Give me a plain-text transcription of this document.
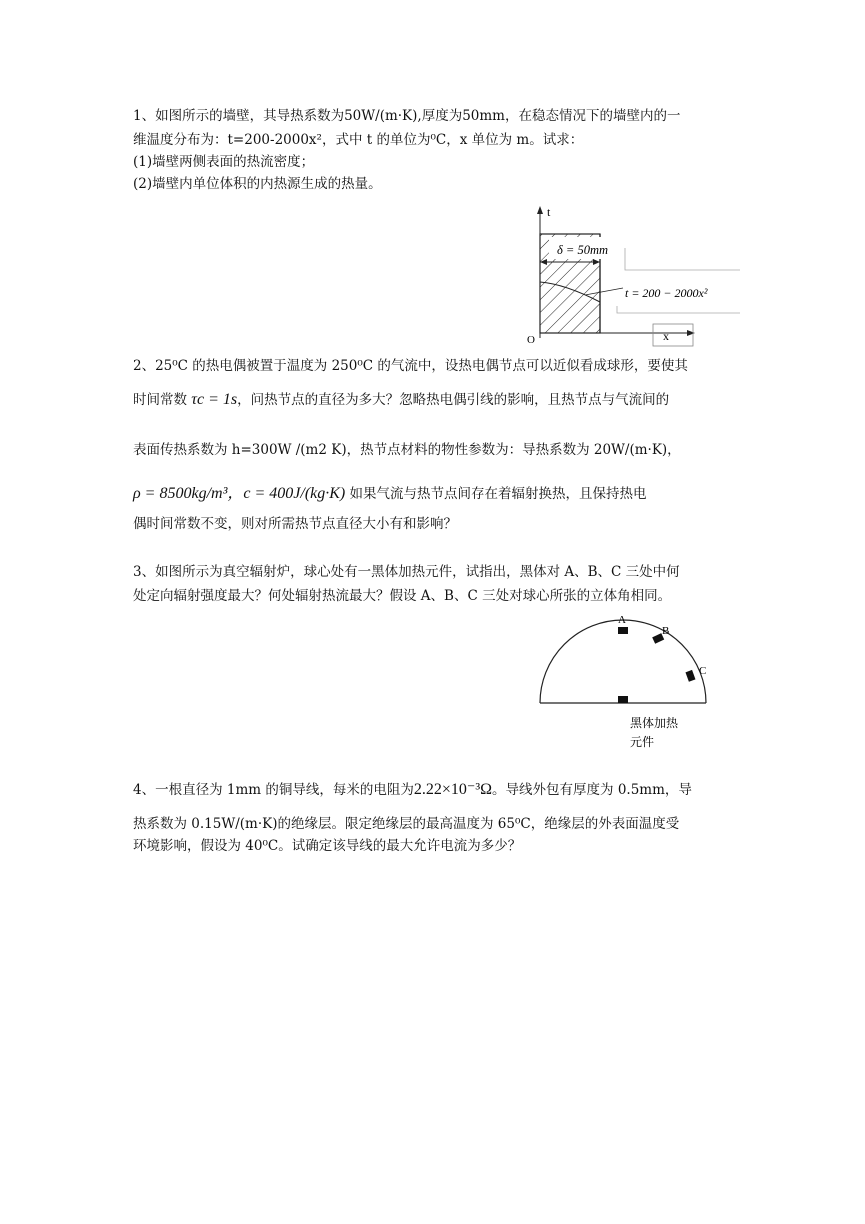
1、如图所示的墙壁，其导热系数为50W/(m·K),厚度为50mm，在稳态情况下的墙壁内的一
维温度分布为：t=200-2000x²，式中 t 的单位为⁰C，x 单位为 m。试求：
(1)墙壁两侧表面的热流密度；
(2)墙壁内单位体积的内热源生成的热量。
t
x
O
δ = 50mm
t = 200 − 2000x²
2、25⁰C 的热电偶被置于温度为 250⁰C 的气流中，设热电偶节点可以近似看成球形，要使其
时间常数 τc = 1s，问热节点的直径为多大？忽略热电偶引线的影响，且热节点与气流间的
表面传热系数为 h=300W /(m2 K)，热节点材料的物性参数为：导热系数为 20W/(m·K)，
ρ = 8500kg/m³，c = 400J/(kg·K) 如果气流与热节点间存在着辐射换热，且保持热电
偶时间常数不变，则对所需热节点直径大小有和影响？
3、如图所示为真空辐射炉，球心处有一黑体加热元件，试指出，黑体对 A、B、C 三处中何
处定向辐射强度最大？何处辐射热流最大？假设 A、B、C 三处对球心所张的立体角相同。
A
B
C
黑体加热
元件
4、一根直径为 1mm 的铜导线，每米的电阻为2.22×10⁻³Ω。导线外包有厚度为 0.5mm，导
热系数为 0.15W/(m·K)的绝缘层。限定绝缘层的最高温度为 65⁰C，绝缘层的外表面温度受
环境影响，假设为 40⁰C。试确定该导线的最大允许电流为多少？
